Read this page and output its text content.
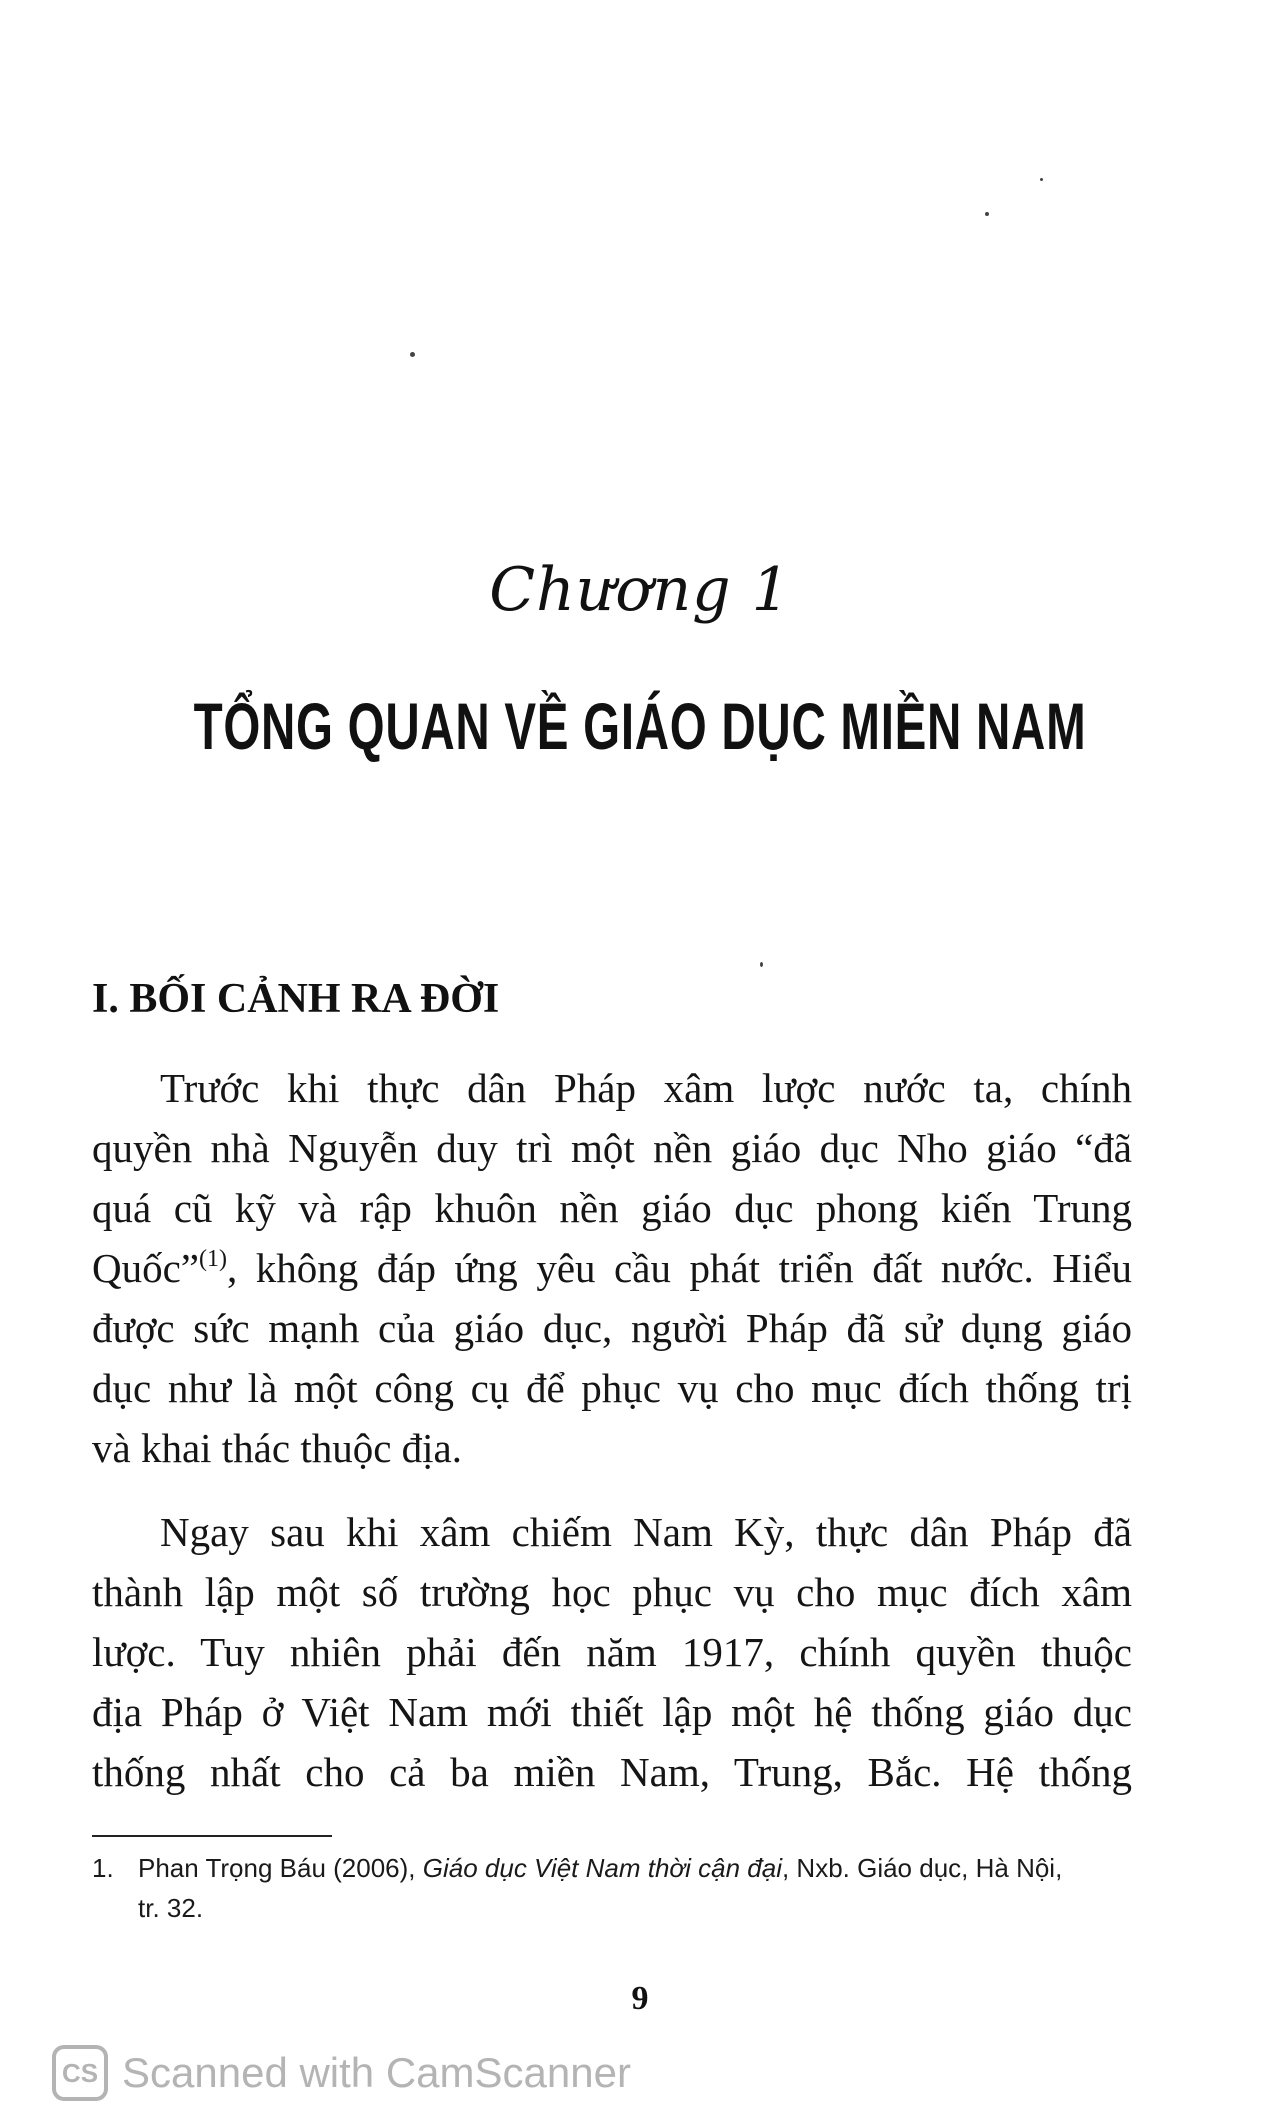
Chương 1
TỔNG QUAN VỀ GIÁO DỤC MIỀN NAM
I. BỐI CẢNH RA ĐỜI
Trước khi thực dân Pháp xâm lược nước ta, chính
quyền nhà Nguyễn duy trì một nền giáo dục Nho giáo “đã
quá cũ kỹ và rập khuôn nền giáo dục phong kiến Trung
Quốc”$^{(1)}$, không đáp ứng yêu cầu phát triển đất nước. Hiểu
được sức mạnh của giáo dục, người Pháp đã sử dụng giáo
dục như là một công cụ để phục vụ cho mục đích thống trị
và khai thác thuộc địa.
Ngay sau khi xâm chiếm Nam Kỳ, thực dân Pháp đã
thành lập một số trường học phục vụ cho mục đích xâm
lược. Tuy nhiên phải đến năm 1917, chính quyền thuộc
địa Pháp ở Việt Nam mới thiết lập một hệ thống giáo dục
thống nhất cho cả ba miền Nam, Trung, Bắc. Hệ thống
1. Phan Trọng Báu (2006), Giáo dục Việt Nam thời cận đại, Nxb. Giáo dục, Hà Nội,
tr. 32.
9
CS Scanned with CamScanner
